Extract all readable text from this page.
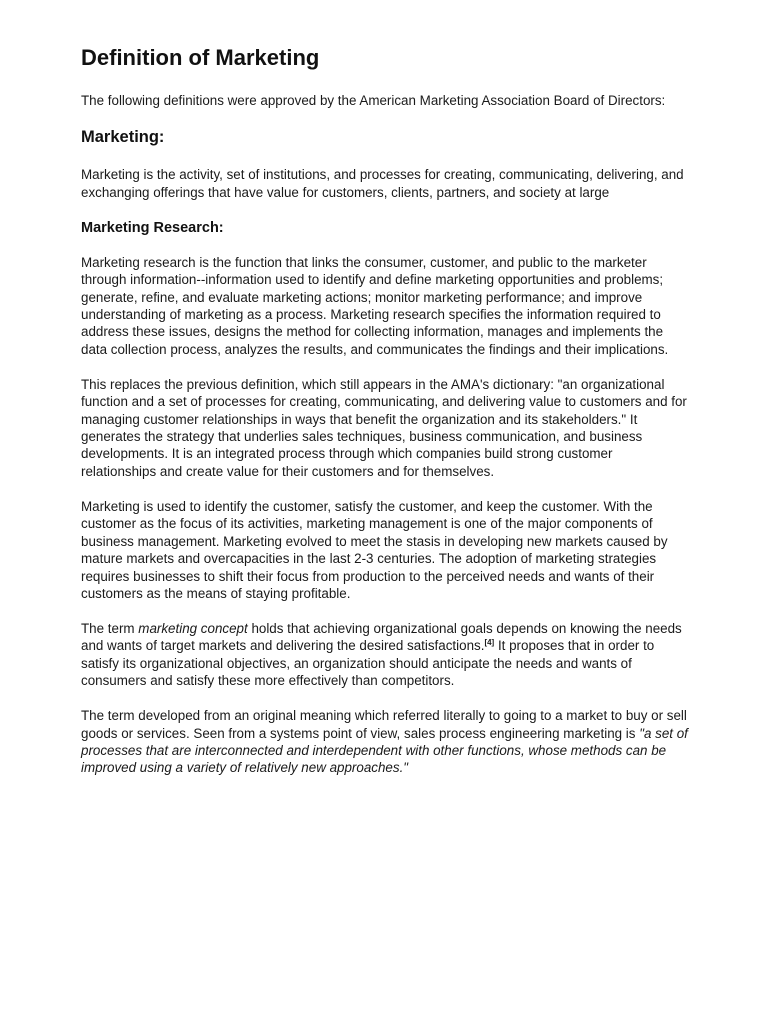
Definition of Marketing

The following definitions were approved by the American Marketing Association Board of Directors:

Marketing:

Marketing is the activity, set of institutions, and processes for creating, communicating, delivering, and exchanging offerings that have value for customers, clients, partners, and society at large

Marketing Research:

Marketing research is the function that links the consumer, customer, and public to the marketer through information--information used to identify and define marketing opportunities and problems; generate, refine, and evaluate marketing actions; monitor marketing performance; and improve understanding of marketing as a process. Marketing research specifies the information required to address these issues, designs the method for collecting information, manages and implements the data collection process, analyzes the results, and communicates the findings and their implications.

This replaces the previous definition, which still appears in the AMA's dictionary: "an organizational function and a set of processes for creating, communicating, and delivering value to customers and for managing customer relationships in ways that benefit the organization and its stakeholders." It generates the strategy that underlies sales techniques, business communication, and business developments. It is an integrated process through which companies build strong customer relationships and create value for their customers and for themselves.

Marketing is used to identify the customer, satisfy the customer, and keep the customer. With the customer as the focus of its activities, marketing management is one of the major components of business management. Marketing evolved to meet the stasis in developing new markets caused by mature markets and overcapacities in the last 2-3 centuries. The adoption of marketing strategies requires businesses to shift their focus from production to the perceived needs and wants of their customers as the means of staying profitable.

The term marketing concept holds that achieving organizational goals depends on knowing the needs and wants of target markets and delivering the desired satisfactions.[4] It proposes that in order to satisfy its organizational objectives, an organization should anticipate the needs and wants of consumers and satisfy these more effectively than competitors.

The term developed from an original meaning which referred literally to going to a market to buy or sell goods or services. Seen from a systems point of view, sales process engineering marketing is "a set of processes that are interconnected and interdependent with other functions, whose methods can be improved using a variety of relatively new approaches."
